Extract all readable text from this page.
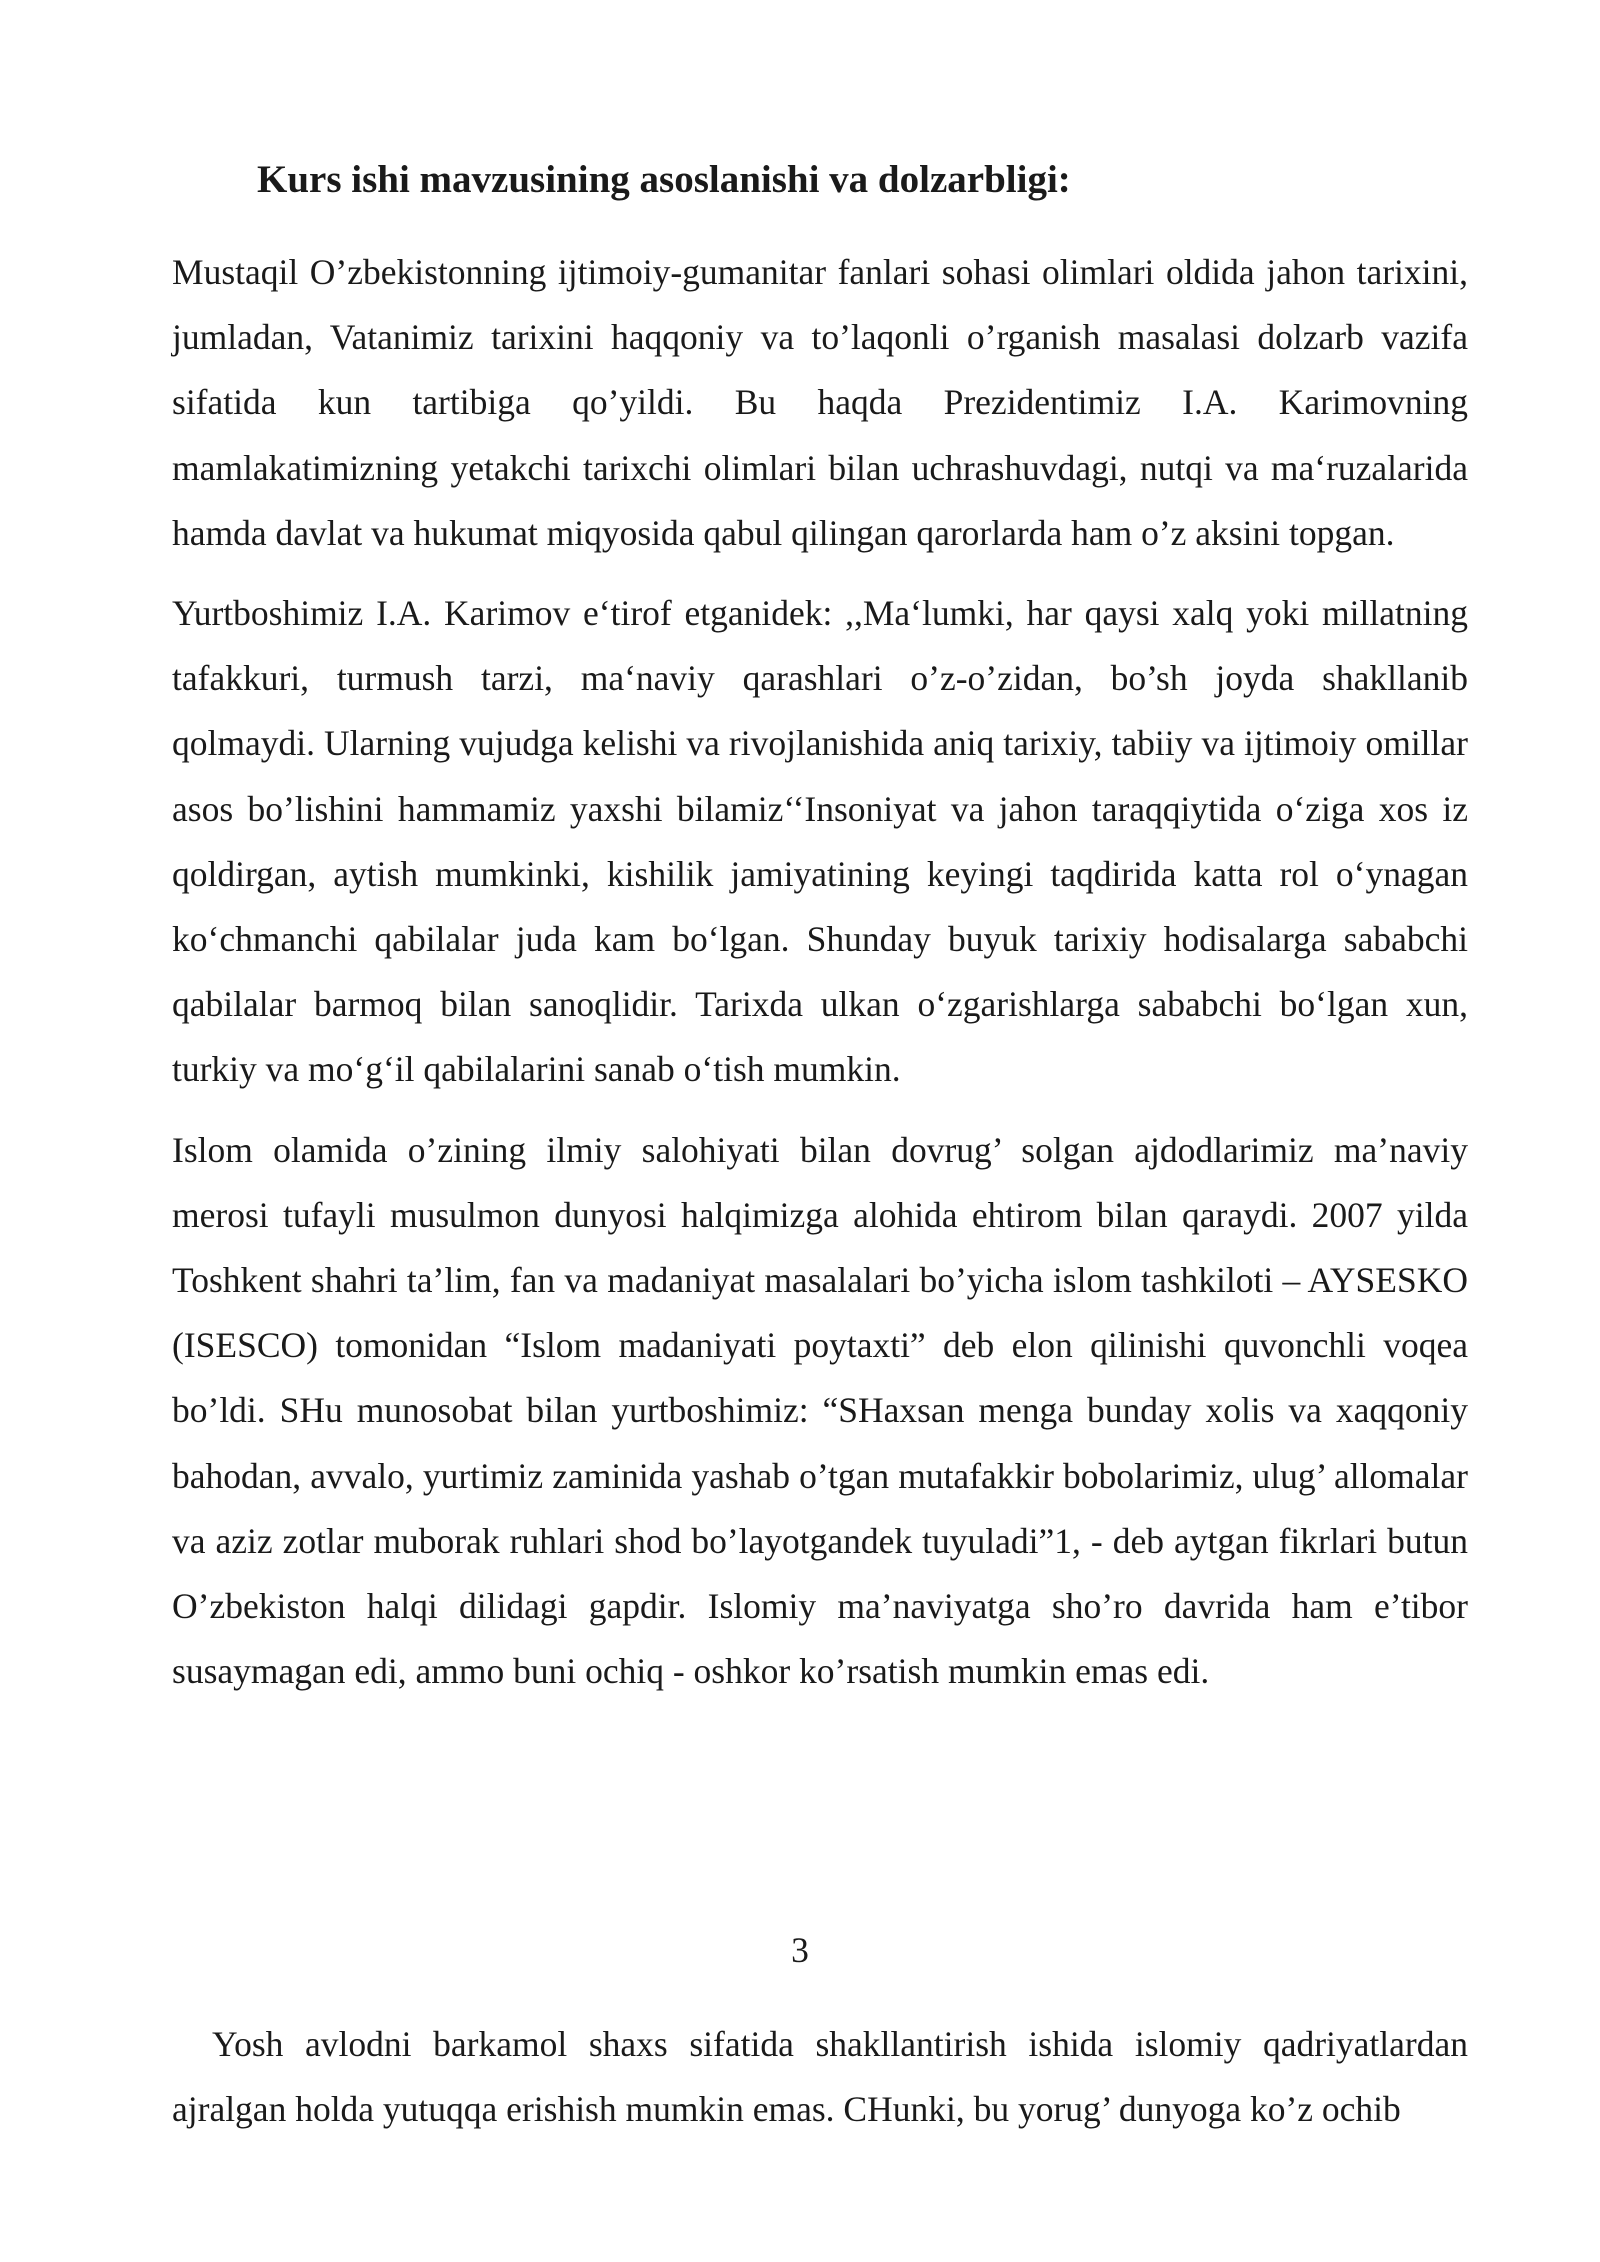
Kurs ishi mavzusining asoslanishi va dolzarbligi:

Mustaqil O’zbekistonning ijtimoiy-gumanitar fanlari sohasi olimlari oldida jahon tarixini, jumladan, Vatanimiz tarixini haqqoniy va to’laqonli o’rganish masalasi dolzarb vazifa sifatida kun tartibiga qo’yildi. Bu haqda Prezidentimiz I.A. Karimovning mamlakatimizning yetakchi tarixchi olimlari bilan uchrashuvdagi, nutqi va ma‘ruzalarida hamda davlat va hukumat miqyosida qabul qilingan qarorlarda ham o’z aksini topgan.

Yurtboshimiz I.A. Karimov e‘tirof etganidek: ,,Ma‘lumki, har qaysi xalq yoki millatning tafakkuri, turmush tarzi, ma‘naviy qarashlari o’z-o’zidan, bo’sh joyda shakllanib qolmaydi. Ularning vujudga kelishi va rivojlanishida aniq tarixiy, tabiiy va ijtimoiy omillar asos bo’lishini hammamiz yaxshi bilamiz‘‘Insoniyat va jahon taraqqiytida o‘ziga xos iz qoldirgan, aytish mumkinki, kishilik jamiyatining keyingi taqdirida katta rol o‘ynagan ko‘chmanchi qabilalar juda kam bo‘lgan. Shunday buyuk tarixiy hodisalarga sababchi qabilalar barmoq bilan sanoqlidir. Tarixda ulkan o‘zgarishlarga sababchi bo‘lgan xun, turkiy va mo‘g‘il qabilalarini sanab o‘tish mumkin.

Islom olamida o’zining ilmiy salohiyati bilan dovrug’ solgan ajdodlarimiz ma’naviy merosi tufayli musulmon dunyosi halqimizga alohida ehtirom bilan qaraydi. 2007 yilda Toshkent shahri ta’lim, fan va madaniyat masalalari bo’yicha islom tashkiloti – AYSESKO (ISESCO) tomonidan “Islom madaniyati poytaxti” deb elon qilinishi quvonchli voqea bo’ldi. SHu munosobat bilan yurtboshimiz: “SHaxsan menga bunday xolis va xaqqoniy bahodan, avvalo, yurtimiz zaminida yashab o’tgan mutafakkir bobolarimiz, ulug’ allomalar va aziz zotlar muborak ruhlari shod bo’layotgandek tuyuladi”1, - deb aytgan fikrlari butun O’zbekiston halqi dilidagi gapdir. Islomiy ma’naviyatga sho’ro davrida ham e’tibor susaymagan edi, ammo buni ochiq - oshkor ko’rsatish mumkin emas edi.

3

Yosh avlodni barkamol shaxs sifatida shakllantirish ishida islomiy qadriyatlardan ajralgan holda yutuqqa erishish mumkin emas. CHunki, bu yorug’ dunyoga ko’z ochib
